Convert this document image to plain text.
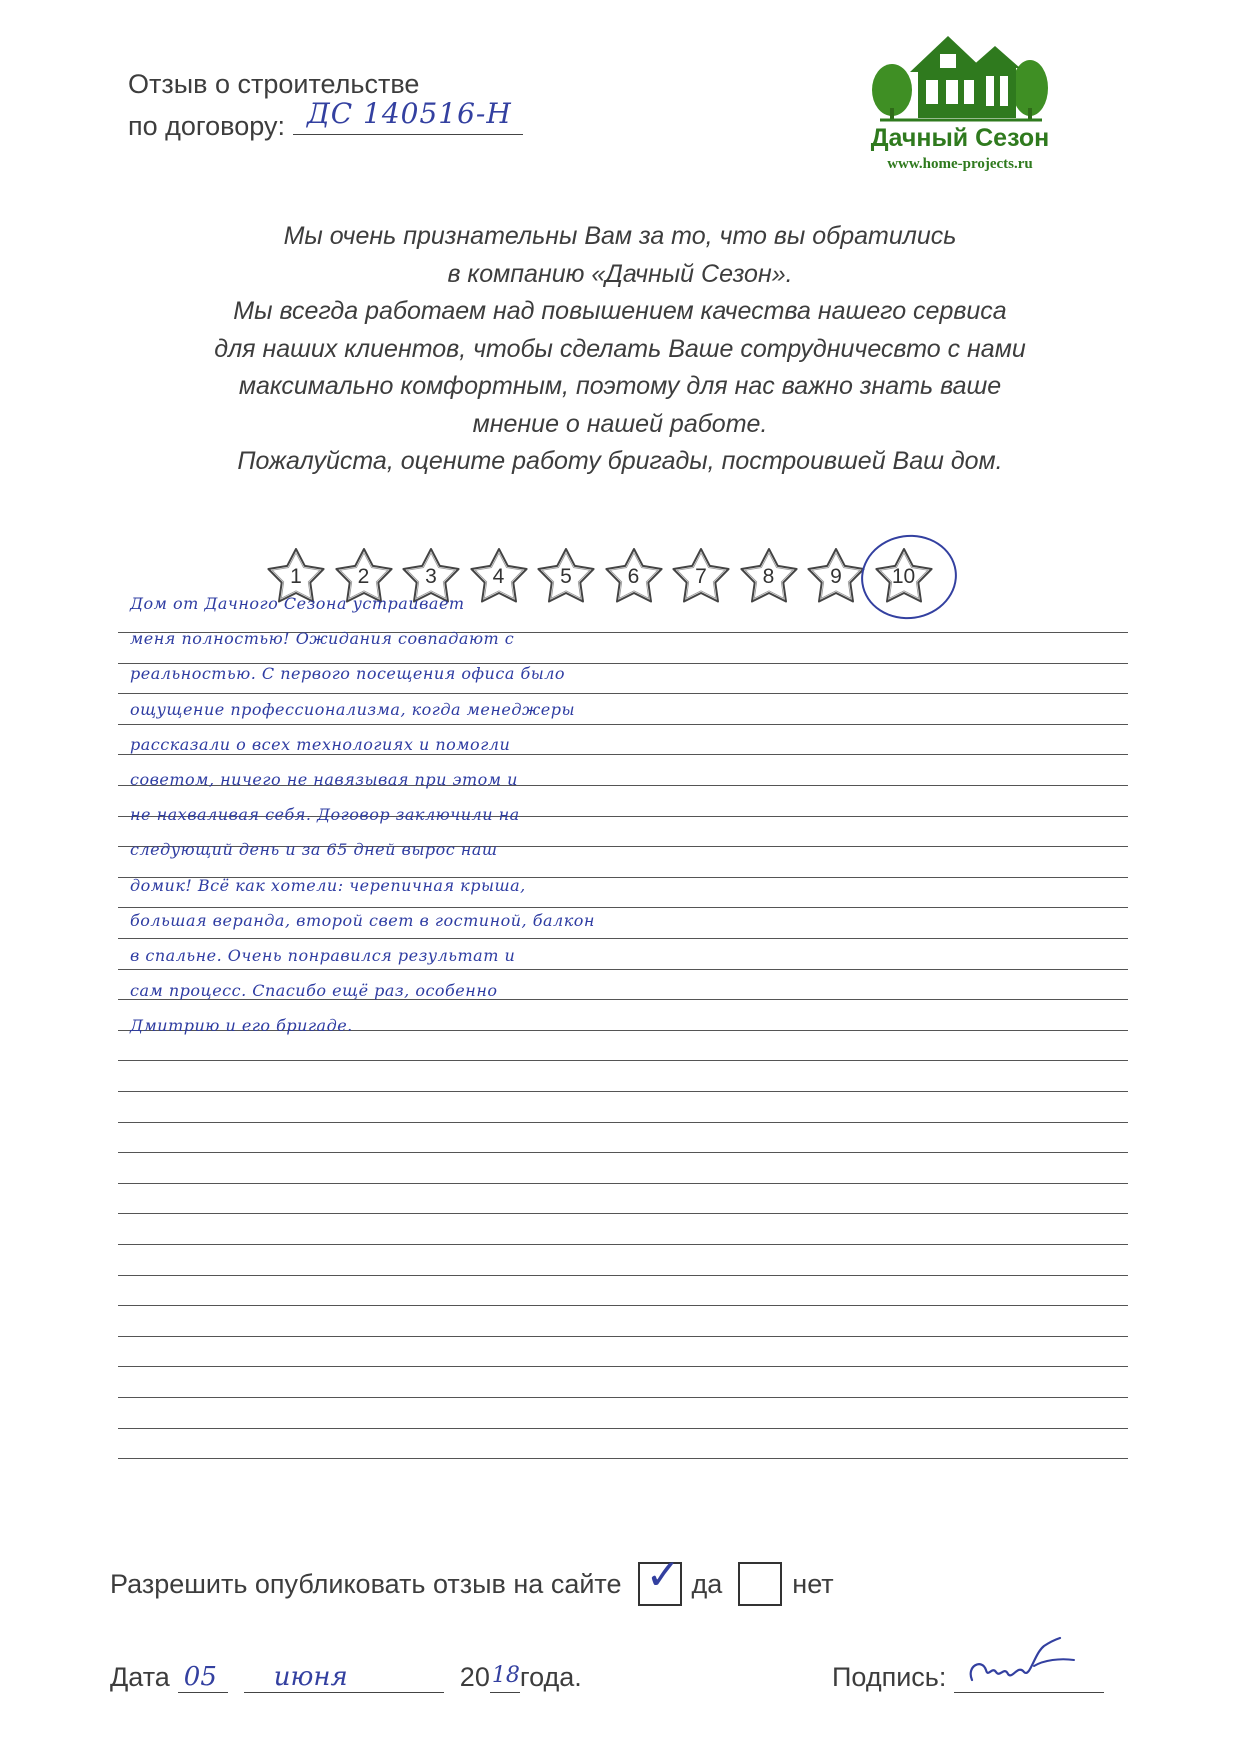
Отзыв о строительстве
по договору: ДС 140516-Н
Дачный Сезон
www.home-projects.ru

Мы очень признательны Вам за то, что вы обратились

в компанию «Дачный Сезон».

Мы всегда работаем над повышением качества нашего сервиса

для наших клиентов, чтобы сделать Ваше сотрудничесвто с нами

максимально комфортным, поэтому для нас важно знать ваше

мнение о нашей работе.

Пожалуйста, оцените работу бригады, построившей Ваш дом.

1	2	3	4	5	6	7	8	9	10
Дом от Дачного Сезона устраивает
меня полностью! Ожидания совпадают с
реальностью. С первого посещения офиса было
ощущение профессионализма, когда менеджеры
рассказали о всех технологиях и помогли
советом, ничего не навязывая при этом и
не нахваливая себя. Договор заключили на
следующий день и за 65 дней вырос наш
домик! Всё как хотели: черепичная крыша,
большая веранда, второй свет в гостиной, балкон
в спальне. Очень понравился результат и
сам процесс. Спасибо ещё раз, особенно
Дмитрию и его бригаде.
Разрешить опубликовать отзыв на сайте ✓ да	нет
Дата 05 июня	20 18 года.	Подпись:
